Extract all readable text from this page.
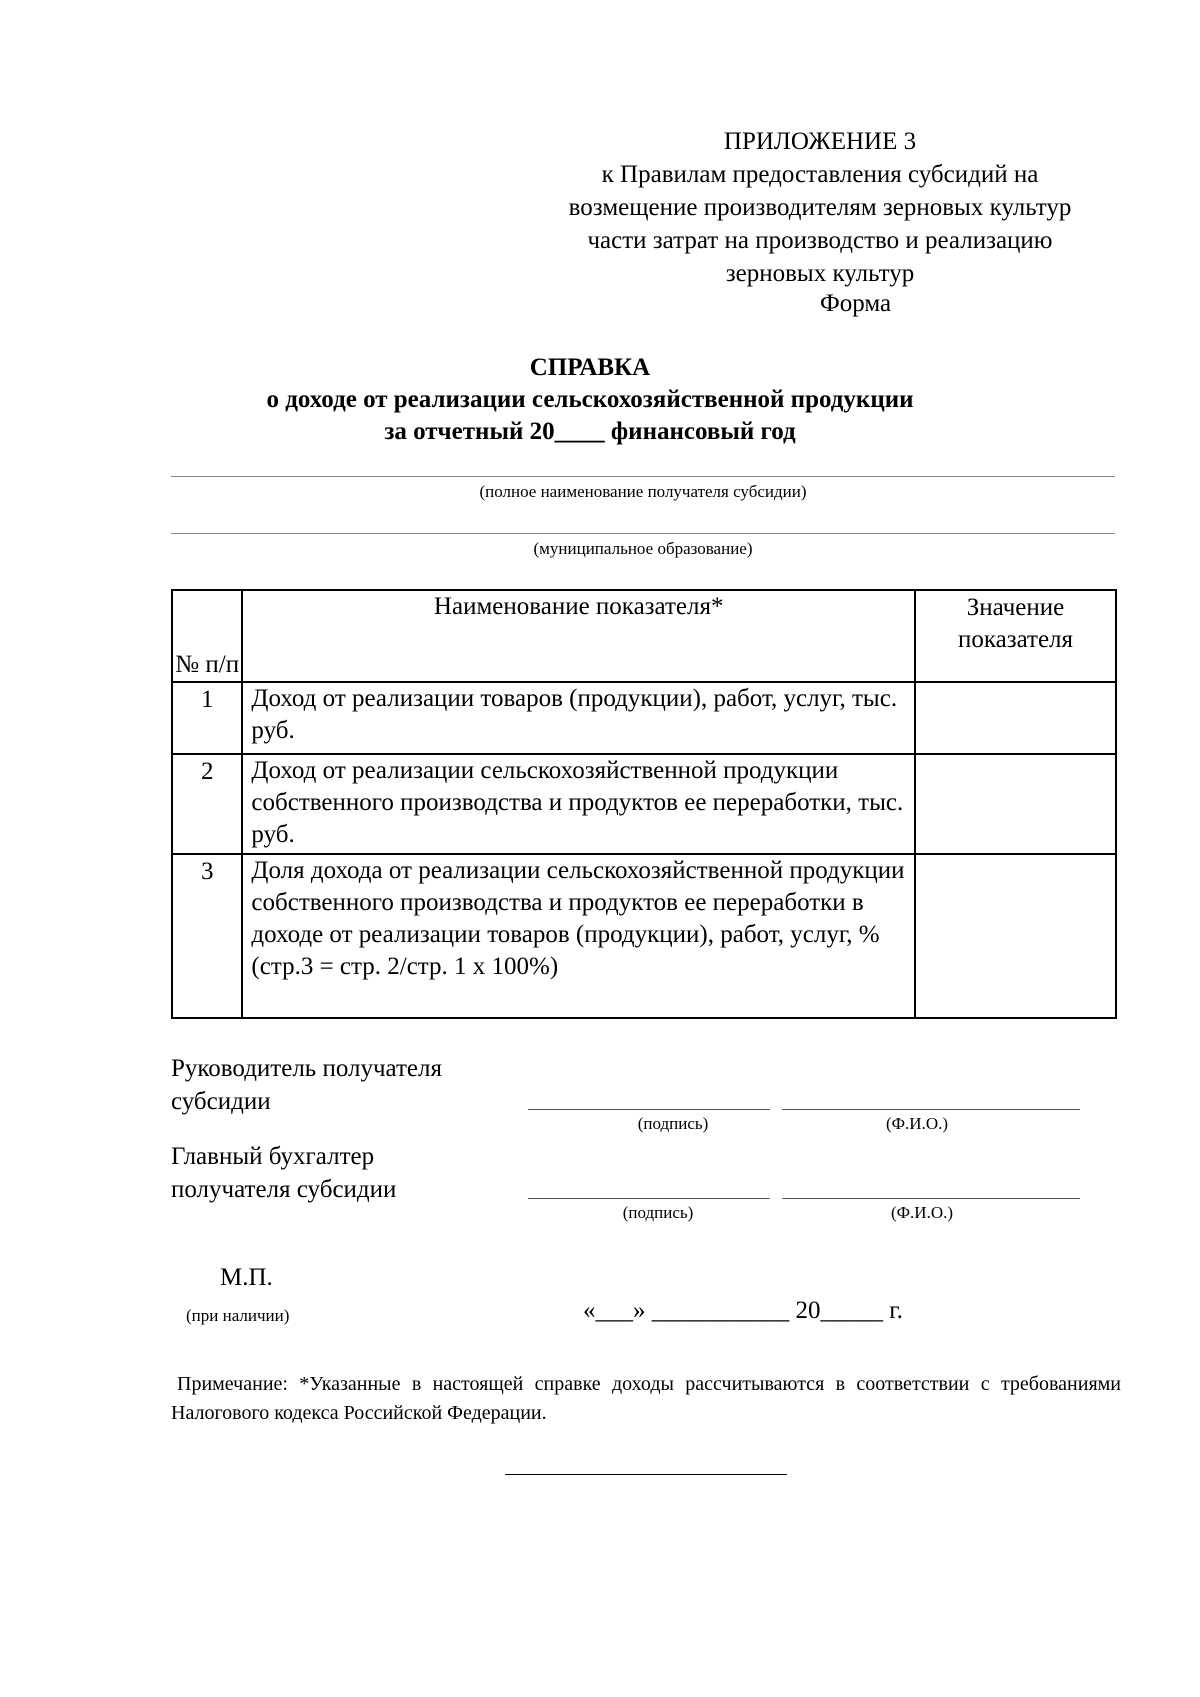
ПРИЛОЖЕНИЕ 3
к Правилам предоставления субсидий на
возмещение производителям зерновых культур
части затрат на производство и реализацию
зерновых культур
Форма
СПРАВКА
о доходе от реализации сельскохозяйственной продукции
за отчетный 20____ финансовый год
(полное наименование получателя субсидии)
(муниципальное образование)
№ п/п	Наименование показателя*	Значение показателя
1	Доход от реализации товаров (продукции), работ, услуг, тыс. руб.	
2	Доход от реализации сельскохозяйственной продукции собственного производства и продуктов ее переработки, тыс. руб.	
3	Доля дохода от реализации сельскохозяйственной продукции собственного производства и продуктов ее переработки в доходе от реализации товаров (продукции), работ, услуг, % (стр.3 = стр. 2/стр. 1 х 100%)	
Руководитель получателя субсидии
(подпись)	(Ф.И.О.)
Главный бухгалтер получателя субсидии
(подпись)	(Ф.И.О.)
М.П.
(при наличии)	«___» ___________ 20_____ г.
Примечание: *Указанные в настоящей справке доходы рассчитываются в соответствии с требованиями Налогового кодекса Российской Федерации.
